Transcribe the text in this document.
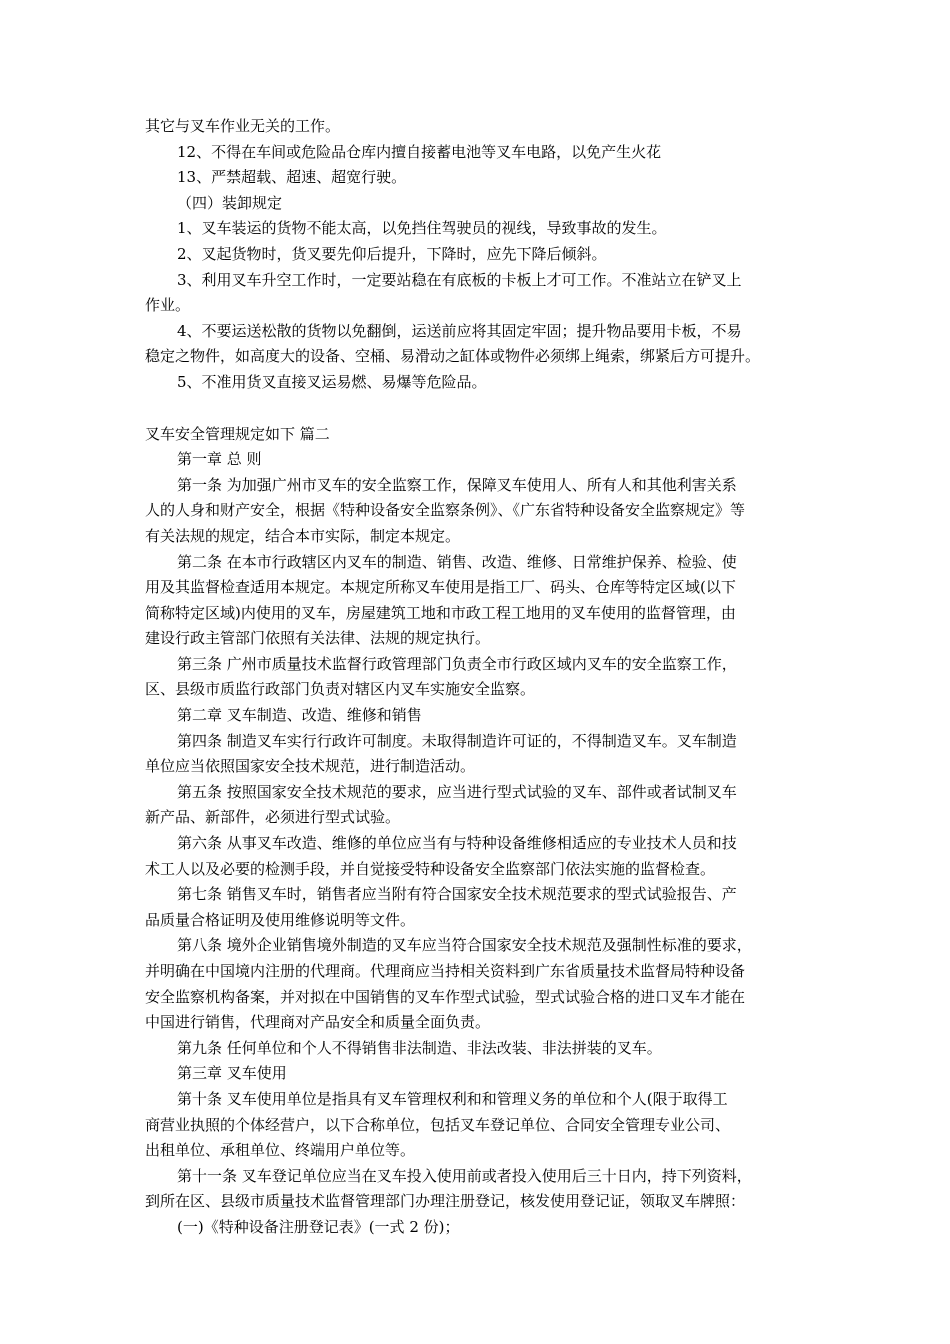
其它与叉车作业无关的工作。
12、不得在车间或危险品仓库内擅自接蓄电池等叉车电路，以免产生火花
13、严禁超载、超速、超宽行驶。
（四）装卸规定
1、叉车装运的货物不能太高，以免挡住驾驶员的视线，导致事故的发生。
2、叉起货物时，货叉要先仰后提升，下降时，应先下降后倾斜。
3、利用叉车升空工作时，一定要站稳在有底板的卡板上才可工作。不准站立在铲叉上
作业。
4、不要运送松散的货物以免翻倒，运送前应将其固定牢固；提升物品要用卡板，不易
稳定之物件，如高度大的设备、空桶、易滑动之缸体或物件必须绑上绳索，绑紧后方可提升。
5、不准用货叉直接叉运易燃、易爆等危险品。
叉车安全管理规定如下 篇二
第一章 总 则
第一条 为加强广州市叉车的安全监察工作，保障叉车使用人、所有人和其他利害关系
人的人身和财产安全，根据《特种设备安全监察条例》、《广东省特种设备安全监察规定》等
有关法规的规定，结合本市实际，制定本规定。
第二条 在本市行政辖区内叉车的制造、销售、改造、维修、日常维护保养、检验、使
用及其监督检查适用本规定。本规定所称叉车使用是指工厂、码头、仓库等特定区域(以下
简称特定区域)内使用的叉车，房屋建筑工地和市政工程工地用的叉车使用的监督管理，由
建设行政主管部门依照有关法律、法规的规定执行。
第三条 广州市质量技术监督行政管理部门负责全市行政区域内叉车的安全监察工作，
区、县级市质监行政部门负责对辖区内叉车实施安全监察。
第二章 叉车制造、改造、维修和销售
第四条 制造叉车实行行政许可制度。未取得制造许可证的，不得制造叉车。叉车制造
单位应当依照国家安全技术规范，进行制造活动。
第五条 按照国家安全技术规范的要求，应当进行型式试验的叉车、部件或者试制叉车
新产品、新部件，必须进行型式试验。
第六条 从事叉车改造、维修的单位应当有与特种设备维修相适应的专业技术人员和技
术工人以及必要的检测手段，并自觉接受特种设备安全监察部门依法实施的监督检查。
第七条 销售叉车时，销售者应当附有符合国家安全技术规范要求的型式试验报告、产
品质量合格证明及使用维修说明等文件。
第八条 境外企业销售境外制造的叉车应当符合国家安全技术规范及强制性标准的要求，
并明确在中国境内注册的代理商。代理商应当持相关资料到广东省质量技术监督局特种设备
安全监察机构备案，并对拟在中国销售的叉车作型式试验，型式试验合格的进口叉车才能在
中国进行销售，代理商对产品安全和质量全面负责。
第九条 任何单位和个人不得销售非法制造、非法改装、非法拼装的叉车。
第三章 叉车使用
第十条 叉车使用单位是指具有叉车管理权利和和管理义务的单位和个人(限于取得工
商营业执照的个体经营户，以下合称单位，包括叉车登记单位、合同安全管理专业公司、
出租单位、承租单位、终端用户单位等。
第十一条 叉车登记单位应当在叉车投入使用前或者投入使用后三十日内，持下列资料，
到所在区、县级市质量技术监督管理部门办理注册登记，核发使用登记证，领取叉车牌照：
(一)《特种设备注册登记表》(一式 2 份)；
